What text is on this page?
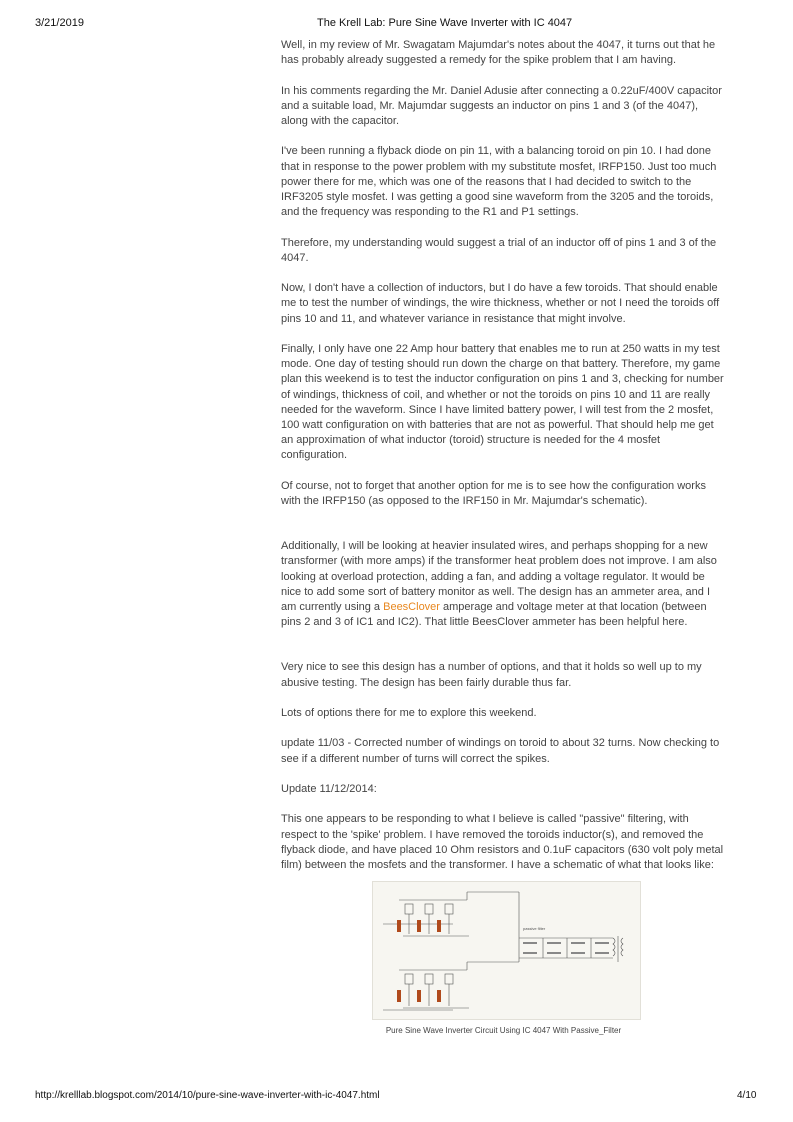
3/21/2019	The Krell Lab: Pure Sine Wave Inverter with IC 4047

Well, in my review of Mr. Swagatam Majumdar's notes about the 4047, it turns out that he has probably already suggested a remedy for the spike problem that I am having.

In his comments regarding the Mr. Daniel Adusie after connecting a 0.22uF/400V capacitor and a suitable load, Mr. Majumdar suggests an inductor on pins 1 and 3 (of the 4047), along with the capacitor.

I've been running a flyback diode on pin 11, with a balancing toroid on pin 10. I had done that in response to the power problem with my substitute mosfet, IRFP150. Just too much power there for me, which was one of the reasons that I had decided to switch to the IRF3205 style mosfet. I was getting a good sine waveform from the 3205 and the toroids, and the frequency was responding to the R1 and P1 settings.

Therefore, my understanding would suggest a trial of an inductor off of pins 1 and 3 of the 4047.

Now, I don't have a collection of inductors, but I do have a few toroids. That should enable me to test the number of windings, the wire thickness, whether or not I need the toroids off pins 10 and 11, and whatever variance in resistance that might involve.

Finally, I only have one 22 Amp hour battery that enables me to run at 250 watts in my test mode. One day of testing should run down the charge on that battery. Therefore, my game plan this weekend is to test the inductor configuration on pins 1 and 3, checking for number of windings, thickness of coil, and whether or not the toroids on pins 10 and 11 are really needed for the waveform. Since I have limited battery power, I will test from the 2 mosfet, 100 watt configuration on with batteries that are not as powerful. That should help me get an approximation of what inductor (toroid) structure is needed for the 4 mosfet configuration.

Of course, not to forget that another option for me is to see how the configuration works with the IRFP150 (as opposed to the IRF150 in Mr. Majumdar's schematic).

Additionally, I will be looking at heavier insulated wires, and perhaps shopping for a new transformer (with more amps) if the transformer heat problem does not improve. I am also looking at overload protection, adding a fan, and adding a voltage regulator. It would be nice to add some sort of battery monitor as well. The design has an ammeter area, and I am currently using a BeesClover amperage and voltage meter at that location (between pins 2 and 3 of IC1 and IC2). That little BeesClover ammeter has been helpful here.

Very nice to see this design has a number of options, and that it holds so well up to my abusive testing. The design has been fairly durable thus far.

Lots of options there for me to explore this weekend.

update 11/03 - Corrected number of windings on toroid to about 32 turns. Now checking to see if a different number of turns will correct the spikes.

Update 11/12/2014:

This one appears to be responding to what I believe is called "passive" filtering, with respect to the 'spike' problem. I have removed the toroids inductor(s), and removed the flyback diode, and have placed 10 Ohm resistors and 0.1uF capacitors (630 volt poly metal film) between the mosfets and the transformer. I have a schematic of what that looks like:

passive filter
Pure Sine Wave Inverter Circuit Using IC 4047 With Passive_Filter
http://krelllab.blogspot.com/2014/10/pure-sine-wave-inverter-with-ic-4047.html	4/10
